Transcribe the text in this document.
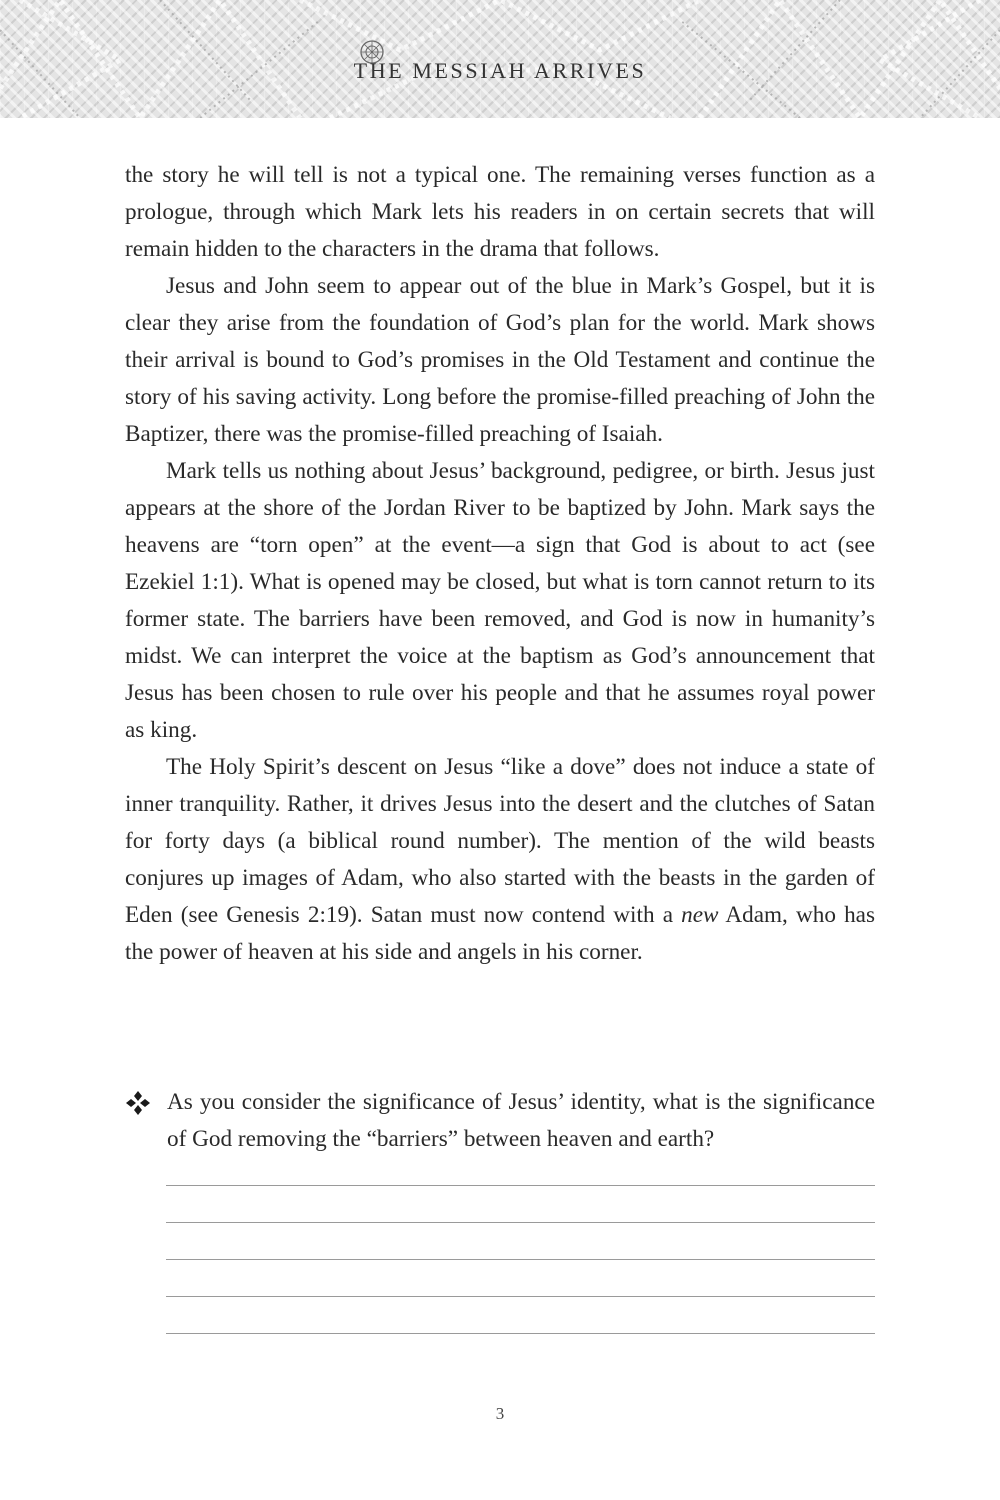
THE MESSIAH ARRIVES

the story he will tell is not a typical one. The remaining verses function as a prologue, through which Mark lets his readers in on certain secrets that will remain hidden to the characters in the drama that follows.

Jesus and John seem to appear out of the blue in Mark’s Gospel, but it is clear they arise from the foundation of God’s plan for the world. Mark shows their arrival is bound to God’s promises in the Old Testament and continue the story of his saving activity. Long before the promise-filled preaching of John the Baptizer, there was the promise-filled preaching of Isaiah.

Mark tells us nothing about Jesus’ background, pedigree, or birth. Jesus just appears at the shore of the Jordan River to be baptized by John. Mark says the heavens are “torn open” at the event—a sign that God is about to act (see Ezekiel 1:1). What is opened may be closed, but what is torn cannot return to its former state. The barriers have been removed, and God is now in humanity’s midst. We can interpret the voice at the baptism as God’s announcement that Jesus has been chosen to rule over his people and that he assumes royal power as king.

The Holy Spirit’s descent on Jesus “like a dove” does not induce a state of inner tranquility. Rather, it drives Jesus into the desert and the clutches of Satan for forty days (a biblical round number). The mention of the wild beasts conjures up images of Adam, who also started with the beasts in the garden of Eden (see Genesis 2:19). Satan must now contend with a new Adam, who has the power of heaven at his side and angels in his corner.

As you consider the significance of Jesus’ identity, what is the significance of God removing the “barriers” between heaven and earth?
3
